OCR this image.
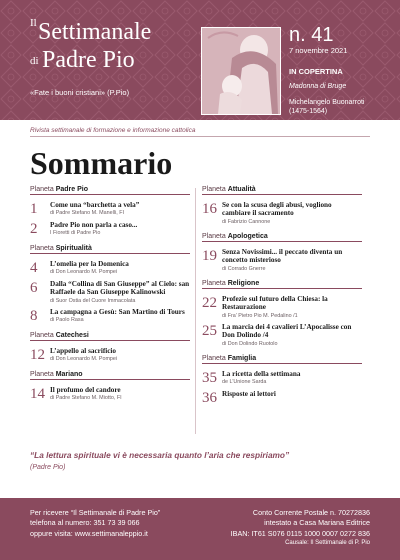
Il Settimanale
di Padre Pio
«Fate i buoni cristiani» (P.Pio)
n. 41
7 novembre 2021
IN COPERTINA
Madonna di Bruge
Michelangelo Buonarroti
(1475-1564)
Rivista settimanale di formazione e informazione cattolica
Sommario
Planeta Padre Pio
1	Come una “barchetta a vela”
di Padre Stefano M. Manelli, FI
2	Padre Pio non parla a caso...
I Fioretti di Padre Pio
Planeta Spiritualità
4	L’omelia per la Domenica
di Don Leonardo M. Pompei
6	Dalla “Collina di San Giuseppe” al Cielo: san Raffaele da San Giuseppe Kalinowski
di Suor Ostia del Cuore Immacolata
8	La campagna a Gesù: San Martino di Tours
di Paolo Rasa
Planeta Catechesi
12 L’appello al sacrificio
di Don Leonardo M. Pompei
Planeta Mariano
14 Il profumo del candore
di Padre Stefano M. Miotto, FI
Planeta Attualità
16 Se con la scusa degli abusi, vogliono cambiare il sacramento
di Fabrizio Cannone
Planeta Apologetica
19 Senza Novissimi... il peccato diventa un concetto misterioso
di Corrado Gnerre
Planeta Religione
22 Profezie sul futuro della Chiesa: la Restaurazione
di Fra’ Pietro Pio M. Pedalino /1
25 La marcia dei 4 cavalieri L’Apocalisse con Don Dolindo /4
di Don Dolindo Ruotolo
Planeta Famiglia
35 La ricetta della settimana
de L’Unione Sarda
36 Risposte ai lettori
“La lettura spirituale vi è necessaria quanto l’aria che respiriamo”
(Padre Pio)
Per ricevere “Il Settimanale di Padre Pio”
telefona al numero: 351 73 39 066
oppure visita: www.settimanaleppio.it
Conto Corrente Postale n. 70272836
intestato a Casa Mariana Editrice
IBAN: IT61 S076 0115 1000 0007 0272 836
Causale: Il Settimanale di P. Pio
